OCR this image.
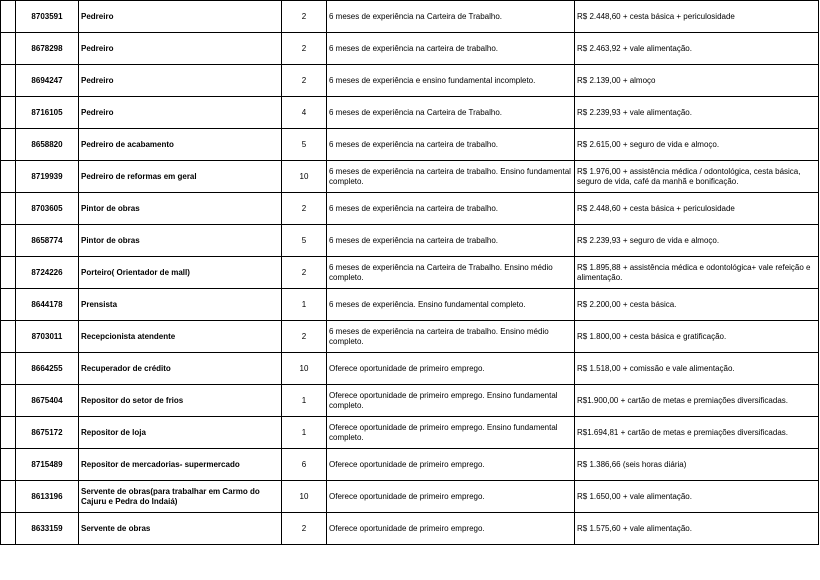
	8703591	Pedreiro	2	6 meses de experiência na Carteira de Trabalho.	R$ 2.448,60 + cesta básica + periculosidade
	8678298	Pedreiro	2	6 meses de experiência na carteira de trabalho.	R$ 2.463,92 + vale alimentação.
	8694247	Pedreiro	2	6 meses de experiência e ensino fundamental incompleto.	R$ 2.139,00 + almoço
	8716105	Pedreiro	4	6 meses de experiência na Carteira de Trabalho.	R$ 2.239,93 + vale alimentação.
	8658820	Pedreiro de acabamento	5	6 meses de experiência na carteira de trabalho.	R$ 2.615,00 + seguro de vida e almoço.
	8719939	Pedreiro de reformas em geral	10	6 meses de experiência na carteira de trabalho. Ensino fundamental completo.	R$ 1.976,00 + assistência médica / odontológica, cesta básica, seguro de vida, café da manhã e bonificação.
	8703605	Pintor de obras	2	6 meses de experiência na carteira de trabalho.	R$ 2.448,60 + cesta básica + periculosidade
	8658774	Pintor de obras	5	6 meses de experiência na carteira de trabalho.	R$ 2.239,93 + seguro de vida e almoço.
	8724226	Porteiro( Orientador de mall)	2	6 meses de experiência na Carteira de Trabalho. Ensino médio completo.	R$ 1.895,88 + assistência médica e odontológica+ vale refeição e alimentação.
	8644178	Prensista	1	6 meses de experiência. Ensino fundamental completo.	R$ 2.200,00 + cesta básica.
	8703011	Recepcionista atendente	2	6 meses de experiência na carteira de trabalho. Ensino médio completo.	R$ 1.800,00 + cesta básica e gratificação.
	8664255	Recuperador de crédito	10	Oferece oportunidade de primeiro emprego.	R$ 1.518,00 + comissão e vale alimentação.
	8675404	Repositor do setor de frios	1	Oferece oportunidade de primeiro emprego. Ensino fundamental completo.	R$1.900,00 + cartão de metas e premiações diversificadas.
	8675172	Repositor de loja	1	Oferece oportunidade de primeiro emprego. Ensino fundamental completo.	R$1.694,81 + cartão de metas e premiações diversificadas.
	8715489	Repositor de mercadorias- supermercado	6	Oferece oportunidade de primeiro emprego.	R$ 1.386,66 (seis horas diária)
	8613196	Servente de obras(para trabalhar em Carmo do Cajuru e Pedra do Indaiá)	10	Oferece oportunidade de primeiro emprego.	R$ 1.650,00 + vale alimentação.
	8633159	Servente de obras	2	Oferece oportunidade de primeiro emprego.	R$ 1.575,60 + vale alimentação.
